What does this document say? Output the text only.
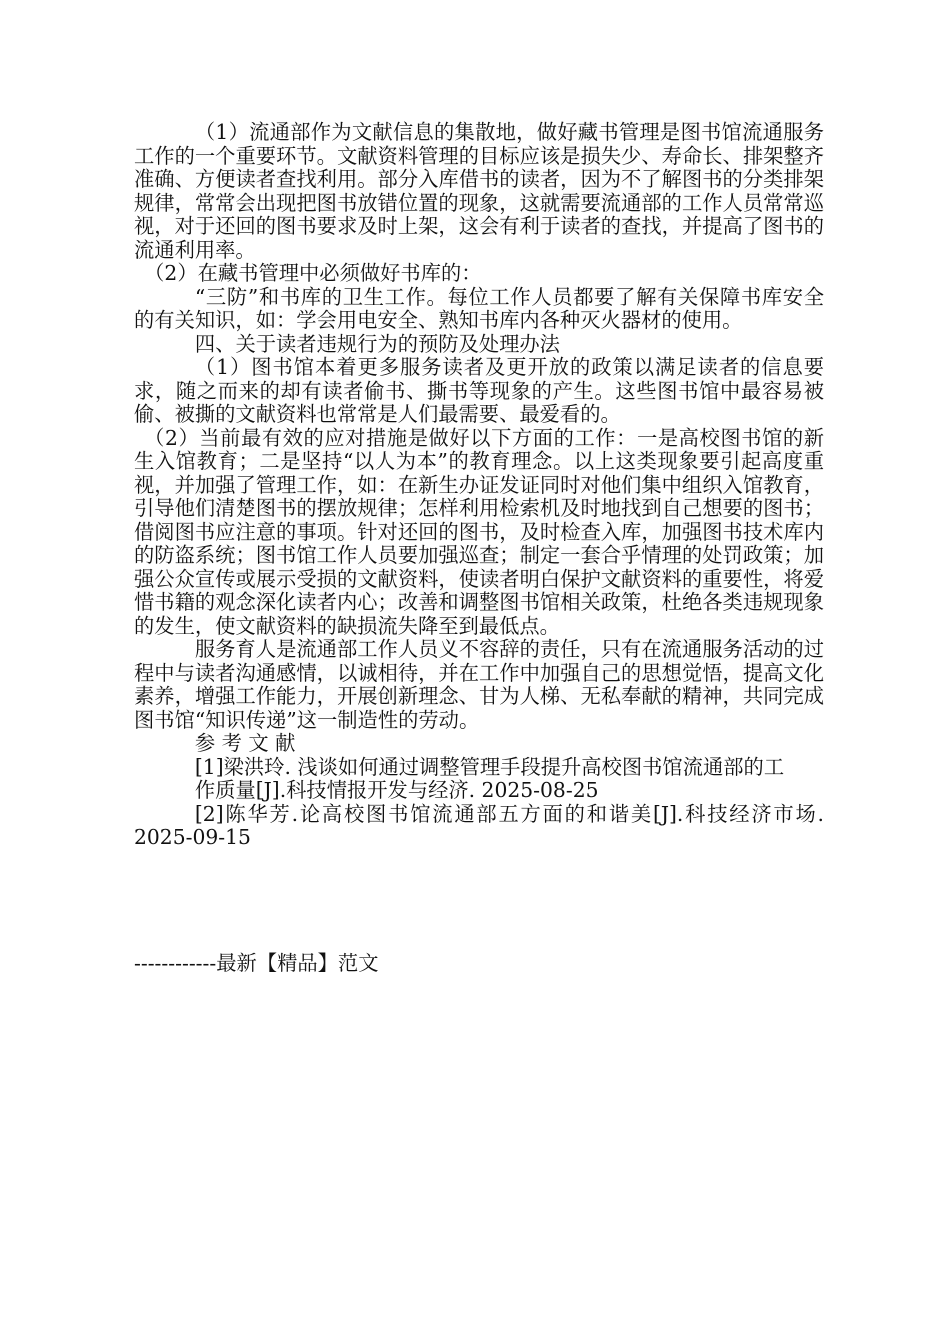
（1）流通部作为文献信息的集散地，做好藏书管理是图书馆流通服务工作的一个重要环节。文献资料管理的目标应该是损失少、寿命长、排架整齐准确、方便读者查找利用。部分入库借书的读者，因为不了解图书的分类排架规律，常常会出现把图书放错位置的现象，这就需要流通部的工作人员常常巡视，对于还回的图书要求及时上架，这会有利于读者的查找，并提高了图书的流通利用率。

（2）在藏书管理中必须做好书库的：

“三防”和书库的卫生工作。每位工作人员都要了解有关保障书库安全的有关知识，如：学会用电安全、熟知书库内各种灭火器材的使用。

四、关于读者违规行为的预防及处理办法

（1）图书馆本着更多服务读者及更开放的政策以满足读者的信息要求，随之而来的却有读者偷书、撕书等现象的产生。这些图书馆中最容易被偷、被撕的文献资料也常常是人们最需要、最爱看的。

（2）当前最有效的应对措施是做好以下方面的工作：一是高校图书馆的新生入馆教育；二是坚持“以人为本”的教育理念。以上这类现象要引起高度重视，并加强了管理工作，如：在新生办证发证同时对他们集中组织入馆教育，引导他们清楚图书的摆放规律；怎样利用检索机及时地找到自己想要的图书；借阅图书应注意的事项。针对还回的图书，及时检查入库，加强图书技术库内的防盗系统；图书馆工作人员要加强巡查；制定一套合乎情理的处罚政策；加强公众宣传或展示受损的文献资料，使读者明白保护文献资料的重要性，将爱惜书籍的观念深化读者内心；改善和调整图书馆相关政策，杜绝各类违规现象的发生，使文献资料的缺损流失降至到最低点。

服务育人是流通部工作人员义不容辞的责任，只有在流通服务活动的过程中与读者沟通感情，以诚相待，并在工作中加强自己的思想觉悟，提高文化素养，增强工作能力，开展创新理念、甘为人梯、无私奉献的精神，共同完成图书馆“知识传递”这一制造性的劳动。

参 考 文 献

[1]梁洪玲. 浅谈如何通过调整管理手段提升高校图书馆流通部的工

作质量[J].科技情报开发与经济. 2025-08-25

[2]陈华芳.论高校图书馆流通部五方面的和谐美[J].科技经济市场. 2025-09-15

------------最新【精品】范文
